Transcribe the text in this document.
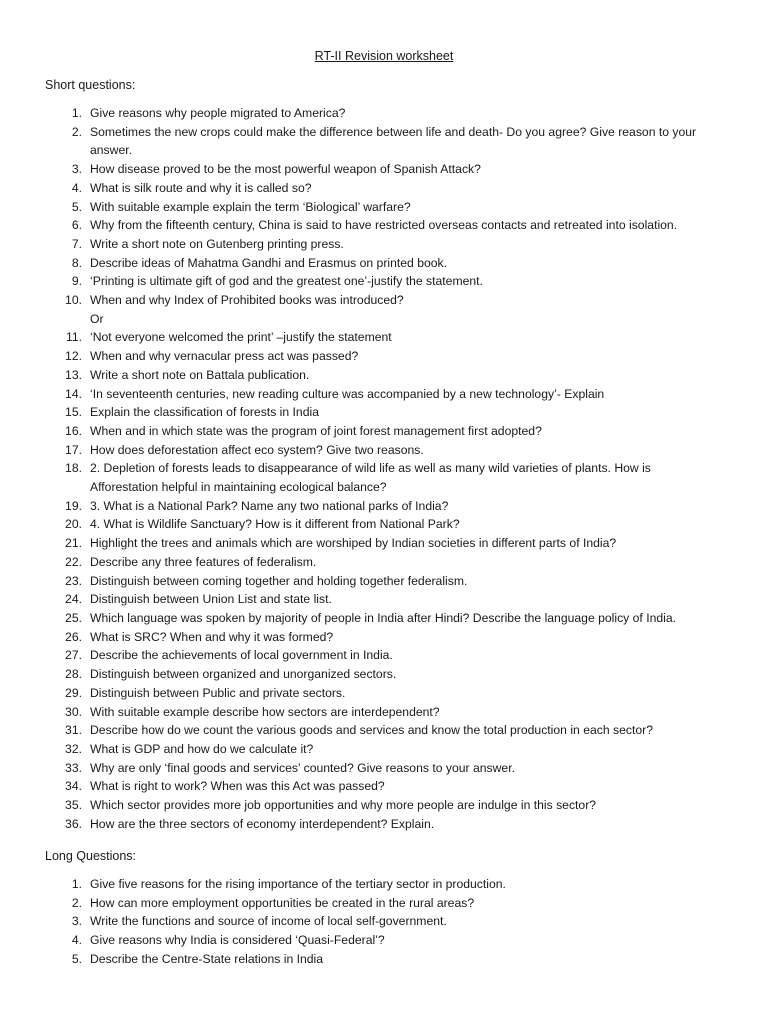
RT-II Revision worksheet
Short questions:
1. Give reasons why people migrated to America?
2. Sometimes the new crops could make the difference between life and death- Do you agree? Give reason to your
answer.
3. How disease proved to be the most powerful weapon of Spanish Attack?
4. What is silk route and why it is called so?
5. With suitable example explain the term ‘Biological’ warfare?
6. Why from the fifteenth century, China is said to have restricted overseas contacts and retreated into isolation.
7. Write a short note on Gutenberg printing press.
8. Describe ideas of Mahatma Gandhi and Erasmus on printed book.
9. ‘Printing is ultimate gift of god and the greatest one’-justify the statement.
10. When and why Index of Prohibited books was introduced?
Or
11. ‘Not everyone welcomed the print’ –justify the statement
12. When and why vernacular press act was passed?
13. Write a short note on Battala publication.
14. ‘In seventeenth centuries, new reading culture was accompanied by a new technology’- Explain
15. Explain the classification of forests in India
16. When and in which state was the program of joint forest management first adopted?
17. How does deforestation affect eco system? Give two reasons.
18. 2. Depletion of forests leads to disappearance of wild life as well as many wild varieties of plants. How is
Afforestation helpful in maintaining ecological balance?
19. 3. What is a National Park? Name any two national parks of India?
20. 4. What is Wildlife Sanctuary? How is it different from National Park?
21. Highlight the trees and animals which are worshiped by Indian societies in different parts of India?
22. Describe any three features of federalism.
23. Distinguish between coming together and holding together federalism.
24. Distinguish between Union List and state list.
25. Which language was spoken by majority of people in India after Hindi? Describe the language policy of India.
26. What is SRC? When and why it was formed?
27. Describe the achievements of local government in India.
28. Distinguish between organized and unorganized sectors.
29. Distinguish between Public and private sectors.
30. With suitable example describe how sectors are interdependent?
31. Describe how do we count the various goods and services and know the total production in each sector?
32. What is GDP and how do we calculate it?
33. Why are only ‘final goods and services’ counted? Give reasons to your answer.
34. What is right to work? When was this Act was passed?
35. Which sector provides more job opportunities and why more people are indulge in this sector?
36. How are the three sectors of economy interdependent? Explain.
Long Questions:
1. Give five reasons for the rising importance of the tertiary sector in production.
2. How can more employment opportunities be created in the rural areas?
3. Write the functions and source of income of local self-government.
4. Give reasons why India is considered ‘Quasi-Federal’?
5. Describe the Centre-State relations in India
